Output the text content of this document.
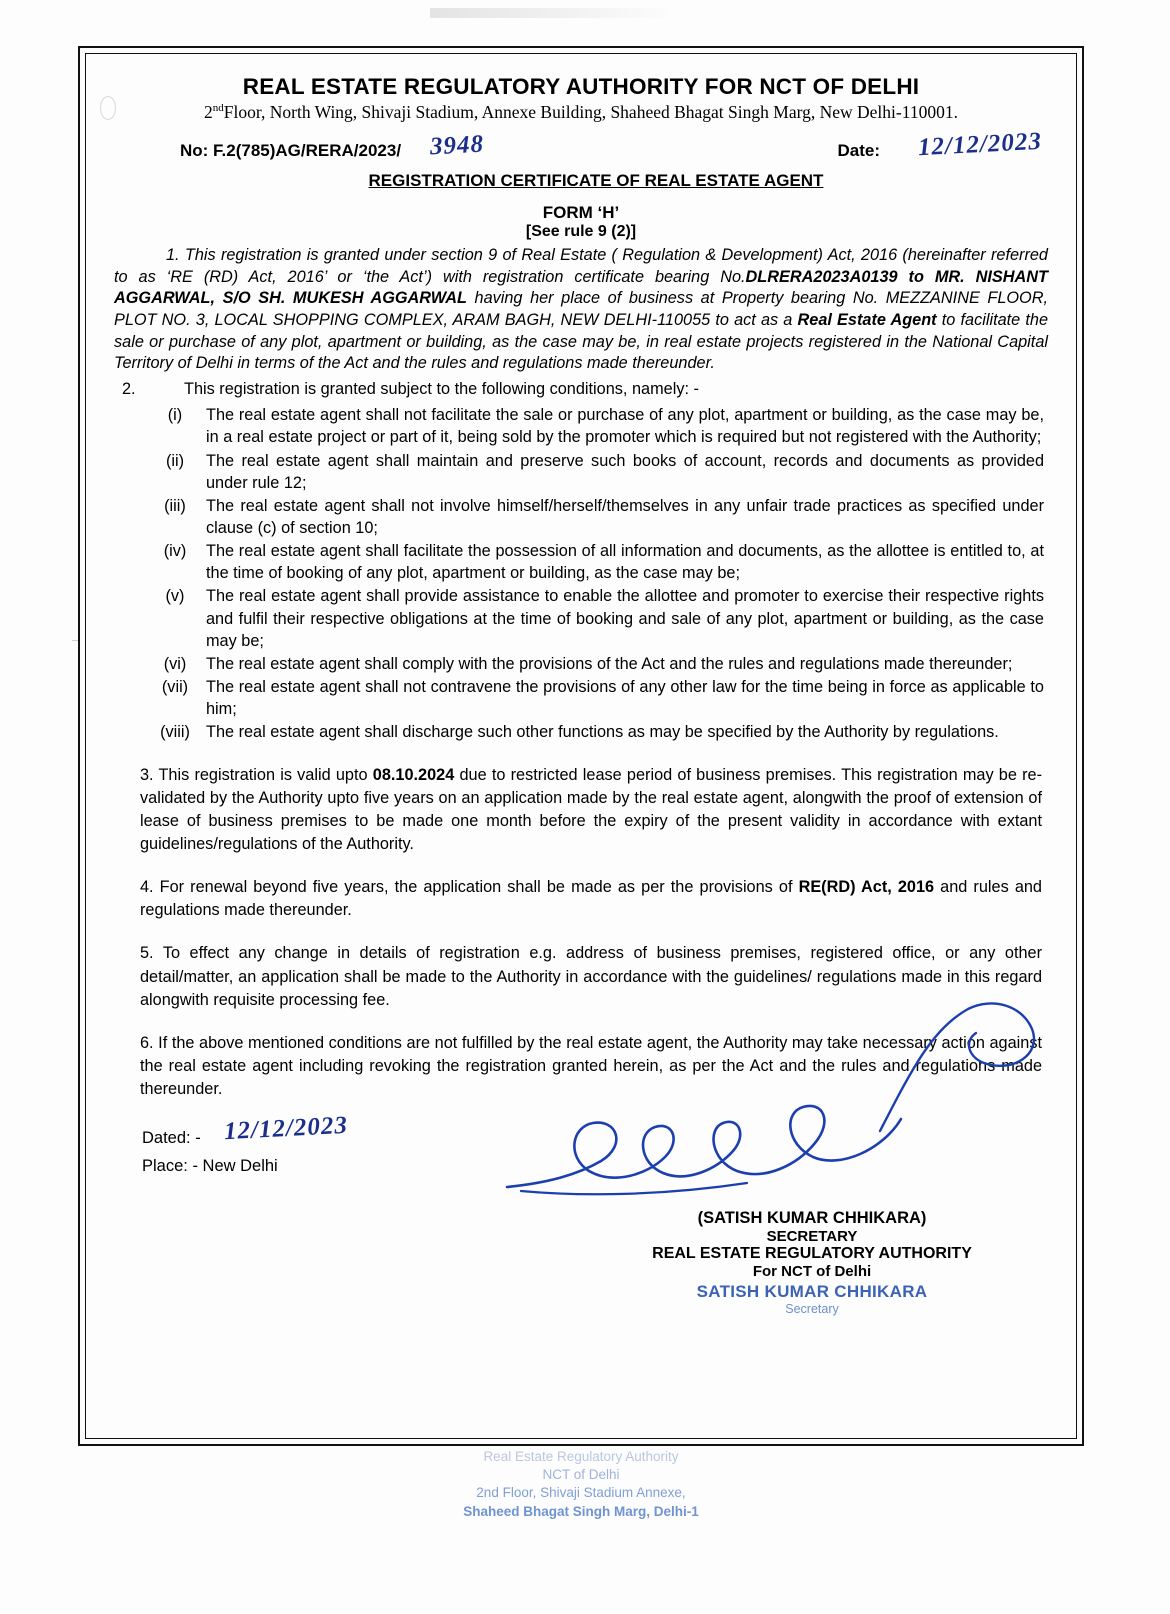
REAL ESTATE REGULATORY AUTHORITY FOR NCT OF DELHI
2ndFloor, North Wing, Shivaji Stadium, Annexe Building, Shaheed Bhagat Singh Marg, New Delhi-110001.
No: F.2(785)AG/RERA/2023/ 3948	Date: 12/12/2023
REGISTRATION CERTIFICATE OF REAL ESTATE AGENT
FORM ‘H’
[See rule 9 (2)]
1. This registration is granted under section 9 of Real Estate ( Regulation & Development) Act, 2016 (hereinafter referred to as ‘RE (RD) Act, 2016’ or ‘the Act’) with registration certificate bearing No.DLRERA2023A0139 to MR. NISHANT AGGARWAL, S/O SH. MUKESH AGGARWAL having her place of business at Property bearing No. MEZZANINE FLOOR, PLOT NO. 3, LOCAL SHOPPING COMPLEX, ARAM BAGH, NEW DELHI-110055 to act as a Real Estate Agent to facilitate the sale or purchase of any plot, apartment or building, as the case may be, in real estate projects registered in the National Capital Territory of Delhi in terms of the Act and the rules and regulations made thereunder.
2.	This registration is granted subject to the following conditions, namely: -
(i)	The real estate agent shall not facilitate the sale or purchase of any plot, apartment or building, as the case may be, in a real estate project or part of it, being sold by the promoter which is required but not registered with the Authority;
(ii)	The real estate agent shall maintain and preserve such books of account, records and documents as provided under rule 12;
(iii)	The real estate agent shall not involve himself/herself/themselves in any unfair trade practices as specified under clause (c) of section 10;
(iv)	The real estate agent shall facilitate the possession of all information and documents, as the allottee is entitled to, at the time of booking of any plot, apartment or building, as the case may be;
(v)	The real estate agent shall provide assistance to enable the allottee and promoter to exercise their respective rights and fulfil their respective obligations at the time of booking and sale of any plot, apartment or building, as the case may be;
(vi)	The real estate agent shall comply with the provisions of the Act and the rules and regulations made thereunder;
(vii)	The real estate agent shall not contravene the provisions of any other law for the time being in force as applicable to him;
(viii) The real estate agent shall discharge such other functions as may be specified by the Authority by regulations.
3. This registration is valid upto 08.10.2024 due to restricted lease period of business premises. This registration may be re-validated by the Authority upto five years on an application made by the real estate agent, alongwith the proof of extension of lease of business premises to be made one month before the expiry of the present validity in accordance with extant guidelines/regulations of the Authority.
4. For renewal beyond five years, the application shall be made as per the provisions of RE(RD) Act, 2016 and rules and regulations made thereunder.
5. To effect any change in details of registration e.g. address of business premises, registered office, or any other detail/matter, an application shall be made to the Authority in accordance with the guidelines/ regulations made in this regard alongwith requisite processing fee.
6. If the above mentioned conditions are not fulfilled by the real estate agent, the Authority may take necessary action against the real estate agent including revoking the registration granted herein, as per the Act and the rules and regulations made thereunder.
Dated: - 12/12/2023
Place: - New Delhi
(SATISH KUMAR CHHIKARA)
SECRETARY
REAL ESTATE REGULATORY AUTHORITY
For NCT of Delhi
SATISH KUMAR CHHIKARA
Secretary
Real Estate Regulatory Authority
NCT of Delhi
2nd Floor, Shivaji Stadium Annexe,
Shaheed Bhagat Singh Marg, Delhi-1
